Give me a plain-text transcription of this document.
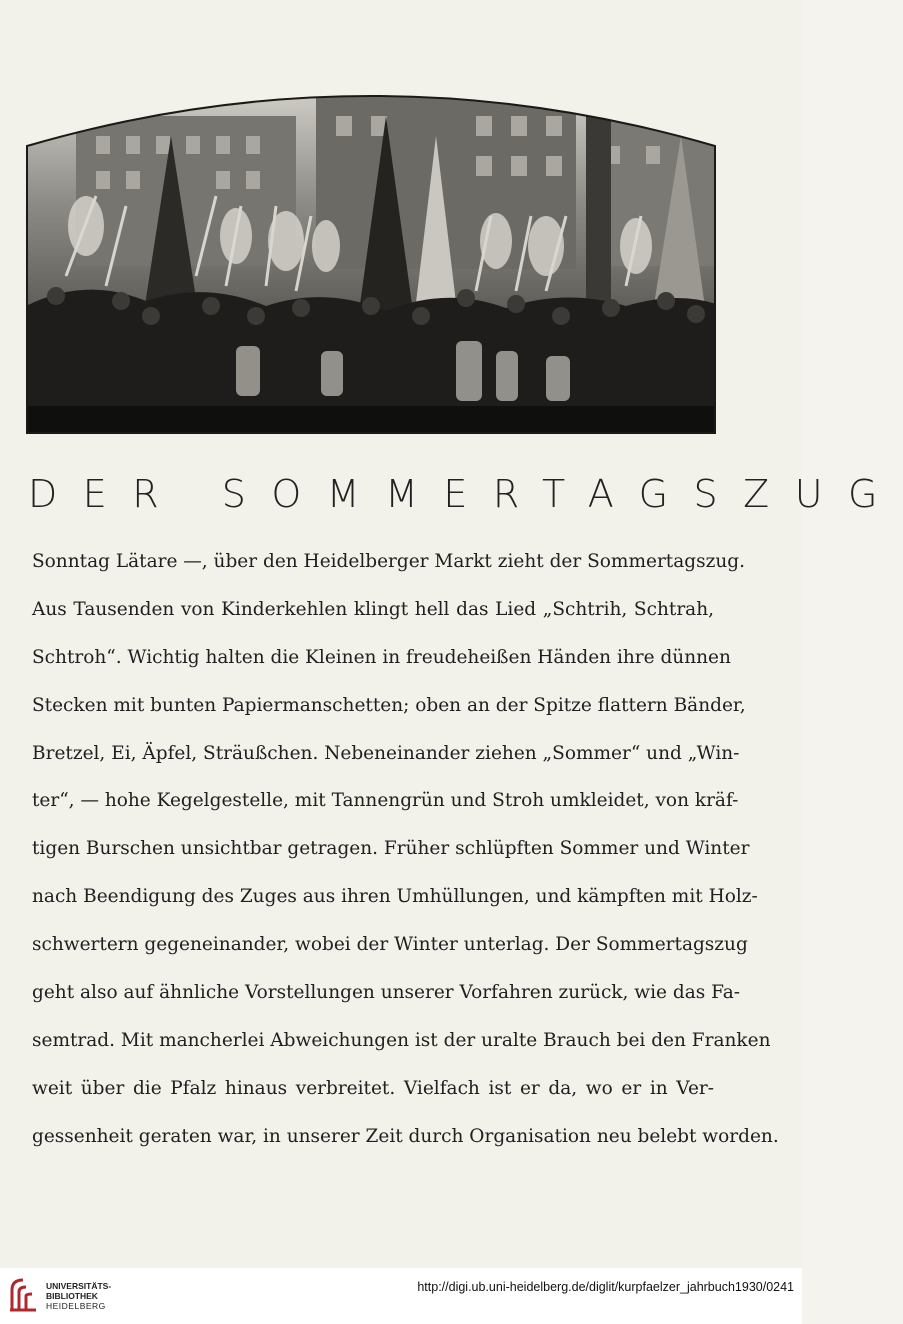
DER SOMMERTAGSZUG
Sonntag Lätare —, über den Heidelberger Markt zieht der Sommertagszug.
Aus Tausenden von Kinderkehlen klingt hell das Lied „Schtrih, Schtrah,
Schtroh“. Wichtig halten die Kleinen in freudeheißen Händen ihre dünnen
Stecken mit bunten Papiermanschetten; oben an der Spitze flattern Bänder,
Bretzel, Ei, Äpfel, Sträußchen. Nebeneinander ziehen „Sommer“ und „Win-
ter“, — hohe Kegelgestelle, mit Tannengrün und Stroh umkleidet, von kräf-
tigen Burschen unsichtbar getragen. Früher schlüpften Sommer und Winter
nach Beendigung des Zuges aus ihren Umhüllungen, und kämpften mit Holz-
schwertern gegeneinander, wobei der Winter unterlag. Der Sommertagszug
geht also auf ähnliche Vorstellungen unserer Vorfahren zurück, wie das Fa-
semtrad. Mit mancherlei Abweichungen ist der uralte Brauch bei den Franken
weit über die Pfalz hinaus verbreitet. Vielfach ist er da, wo er in Ver-
gessenheit geraten war, in unserer Zeit durch Organisation neu belebt worden.
UNIVERSITÄTS-
BIBLIOTHEK
HEIDELBERG
http://digi.ub.uni-heidelberg.de/diglit/kurpfaelzer_jahrbuch1930/0241
